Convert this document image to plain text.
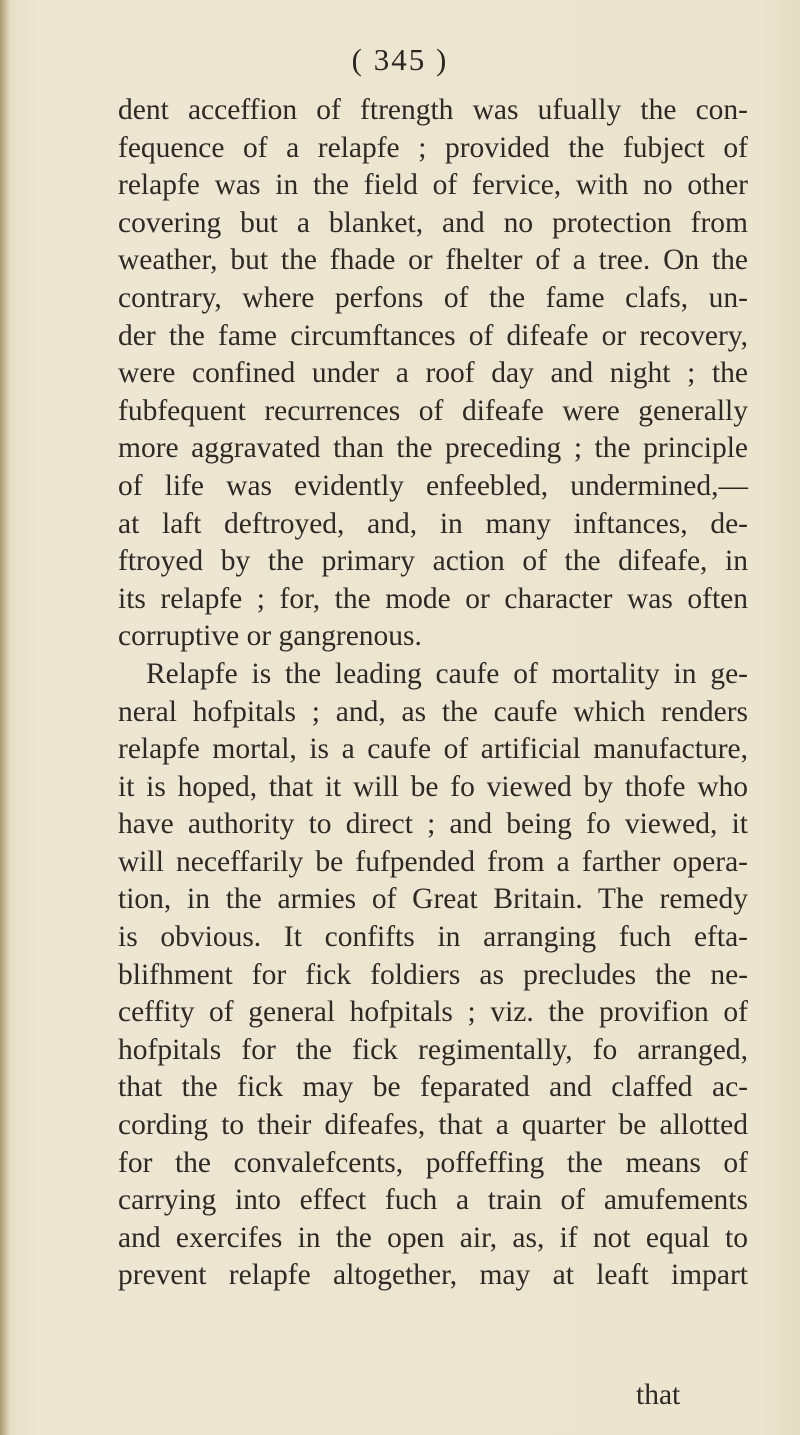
( 345 )
dent acceffion of ftrength was ufually the con-
fequence of a relapfe ; provided the fubject of
relapfe was in the field of fervice, with no other
covering but a blanket, and no protection from
weather, but the fhade or fhelter of a tree. On the
contrary, where perfons of the fame clafs, un-
der the fame circumftances of difeafe or recovery,
were confined under a roof day and night ; the
fubfequent recurrences of difeafe were generally
more aggravated than the preceding ; the principle
of life was evidently enfeebled, undermined,—
at laft deftroyed, and, in many inftances, de-
ftroyed by the primary action of the difeafe, in
its relapfe ; for, the mode or character was often
corruptive or gangrenous.
Relapfe is the leading caufe of mortality in ge-
neral hofpitals ; and, as the caufe which renders
relapfe mortal, is a caufe of artificial manufacture,
it is hoped, that it will be fo viewed by thofe who
have authority to direct ; and being fo viewed, it
will neceffarily be fufpended from a farther opera-
tion, in the armies of Great Britain. The remedy
is obvious. It confifts in arranging fuch efta-
blifhment for fick foldiers as precludes the ne-
ceffity of general hofpitals ; viz. the provifion of
hofpitals for the fick regimentally, fo arranged,
that the fick may be feparated and claffed ac-
cording to their difeafes, that a quarter be allotted
for the convalefcents, poffeffing the means of
carrying into effect fuch a train of amufements
and exercifes in the open air, as, if not equal to
prevent relapfe altogether, may at leaft impart
that
